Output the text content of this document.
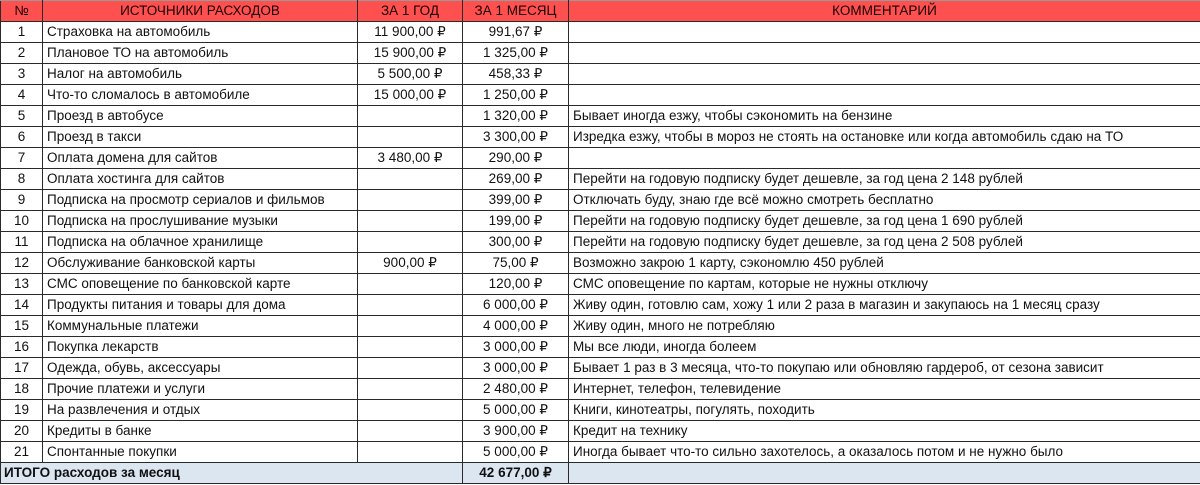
№	ИСТОЧНИКИ РАСХОДОВ	ЗА 1 ГОД	ЗА 1 МЕСЯЦ	КОММЕНТАРИЙ
1	Страховка на автомобиль	11 900,00 ₽	991,67 ₽	
2	Плановое ТО на автомобиль	15 900,00 ₽	1 325,00 ₽	
3	Налог на автомобиль	5 500,00 ₽	458,33 ₽	
4	Что-то сломалось в автомобиле	15 000,00 ₽	1 250,00 ₽	
5	Проезд в автобусе		1 320,00 ₽	Бывает иногда езжу, чтобы сэкономить на бензине
6	Проезд в такси		3 300,00 ₽	Изредка езжу, чтобы в мороз не стоять на остановке или когда автомобиль сдаю на ТО
7	Оплата домена для сайтов	3 480,00 ₽	290,00 ₽	
8	Оплата хостинга для сайтов		269,00 ₽	Перейти на годовую подписку будет дешевле, за год цена 2 148 рублей
9	Подписка на просмотр сериалов и фильмов		399,00 ₽	Отключать буду, знаю где всё можно смотреть бесплатно
10	Подписка на прослушивание музыки		199,00 ₽	Перейти на годовую подписку будет дешевле, за год цена 1 690 рублей
11	Подписка на облачное хранилище		300,00 ₽	Перейти на годовую подписку будет дешевле, за год цена 2 508 рублей
12	Обслуживание банковской карты	900,00 ₽	75,00 ₽	Возможно закрою 1 карту, сэкономлю 450 рублей
13	СМС оповещение по банковской карте		120,00 ₽	СМС оповещение по картам, которые не нужны отключу
14	Продукты питания и товары для дома		6 000,00 ₽	Живу один, готовлю сам, хожу 1 или 2 раза в магазин и закупаюсь на 1 месяц сразу
15	Коммунальные платежи		4 000,00 ₽	Живу один, много не потребляю
16	Покупка лекарств		3 000,00 ₽	Мы все люди, иногда болеем
17	Одежда, обувь, аксессуары		3 000,00 ₽	Бывает 1 раз в 3 месяца, что-то покупаю или обновляю гардероб, от сезона зависит
18	Прочие платежи и услуги		2 480,00 ₽	Интернет, телефон, телевидение
19	На развлечения и отдых		5 000,00 ₽	Книги, кинотеатры, погулять, походить
20	Кредиты в банке		3 900,00 ₽	Кредит на технику
21	Спонтанные покупки		5 000,00 ₽	Иногда бывает что-то сильно захотелось, а оказалось потом и не нужно было
ИТОГО расходов за месяц			42 677,00 ₽	
